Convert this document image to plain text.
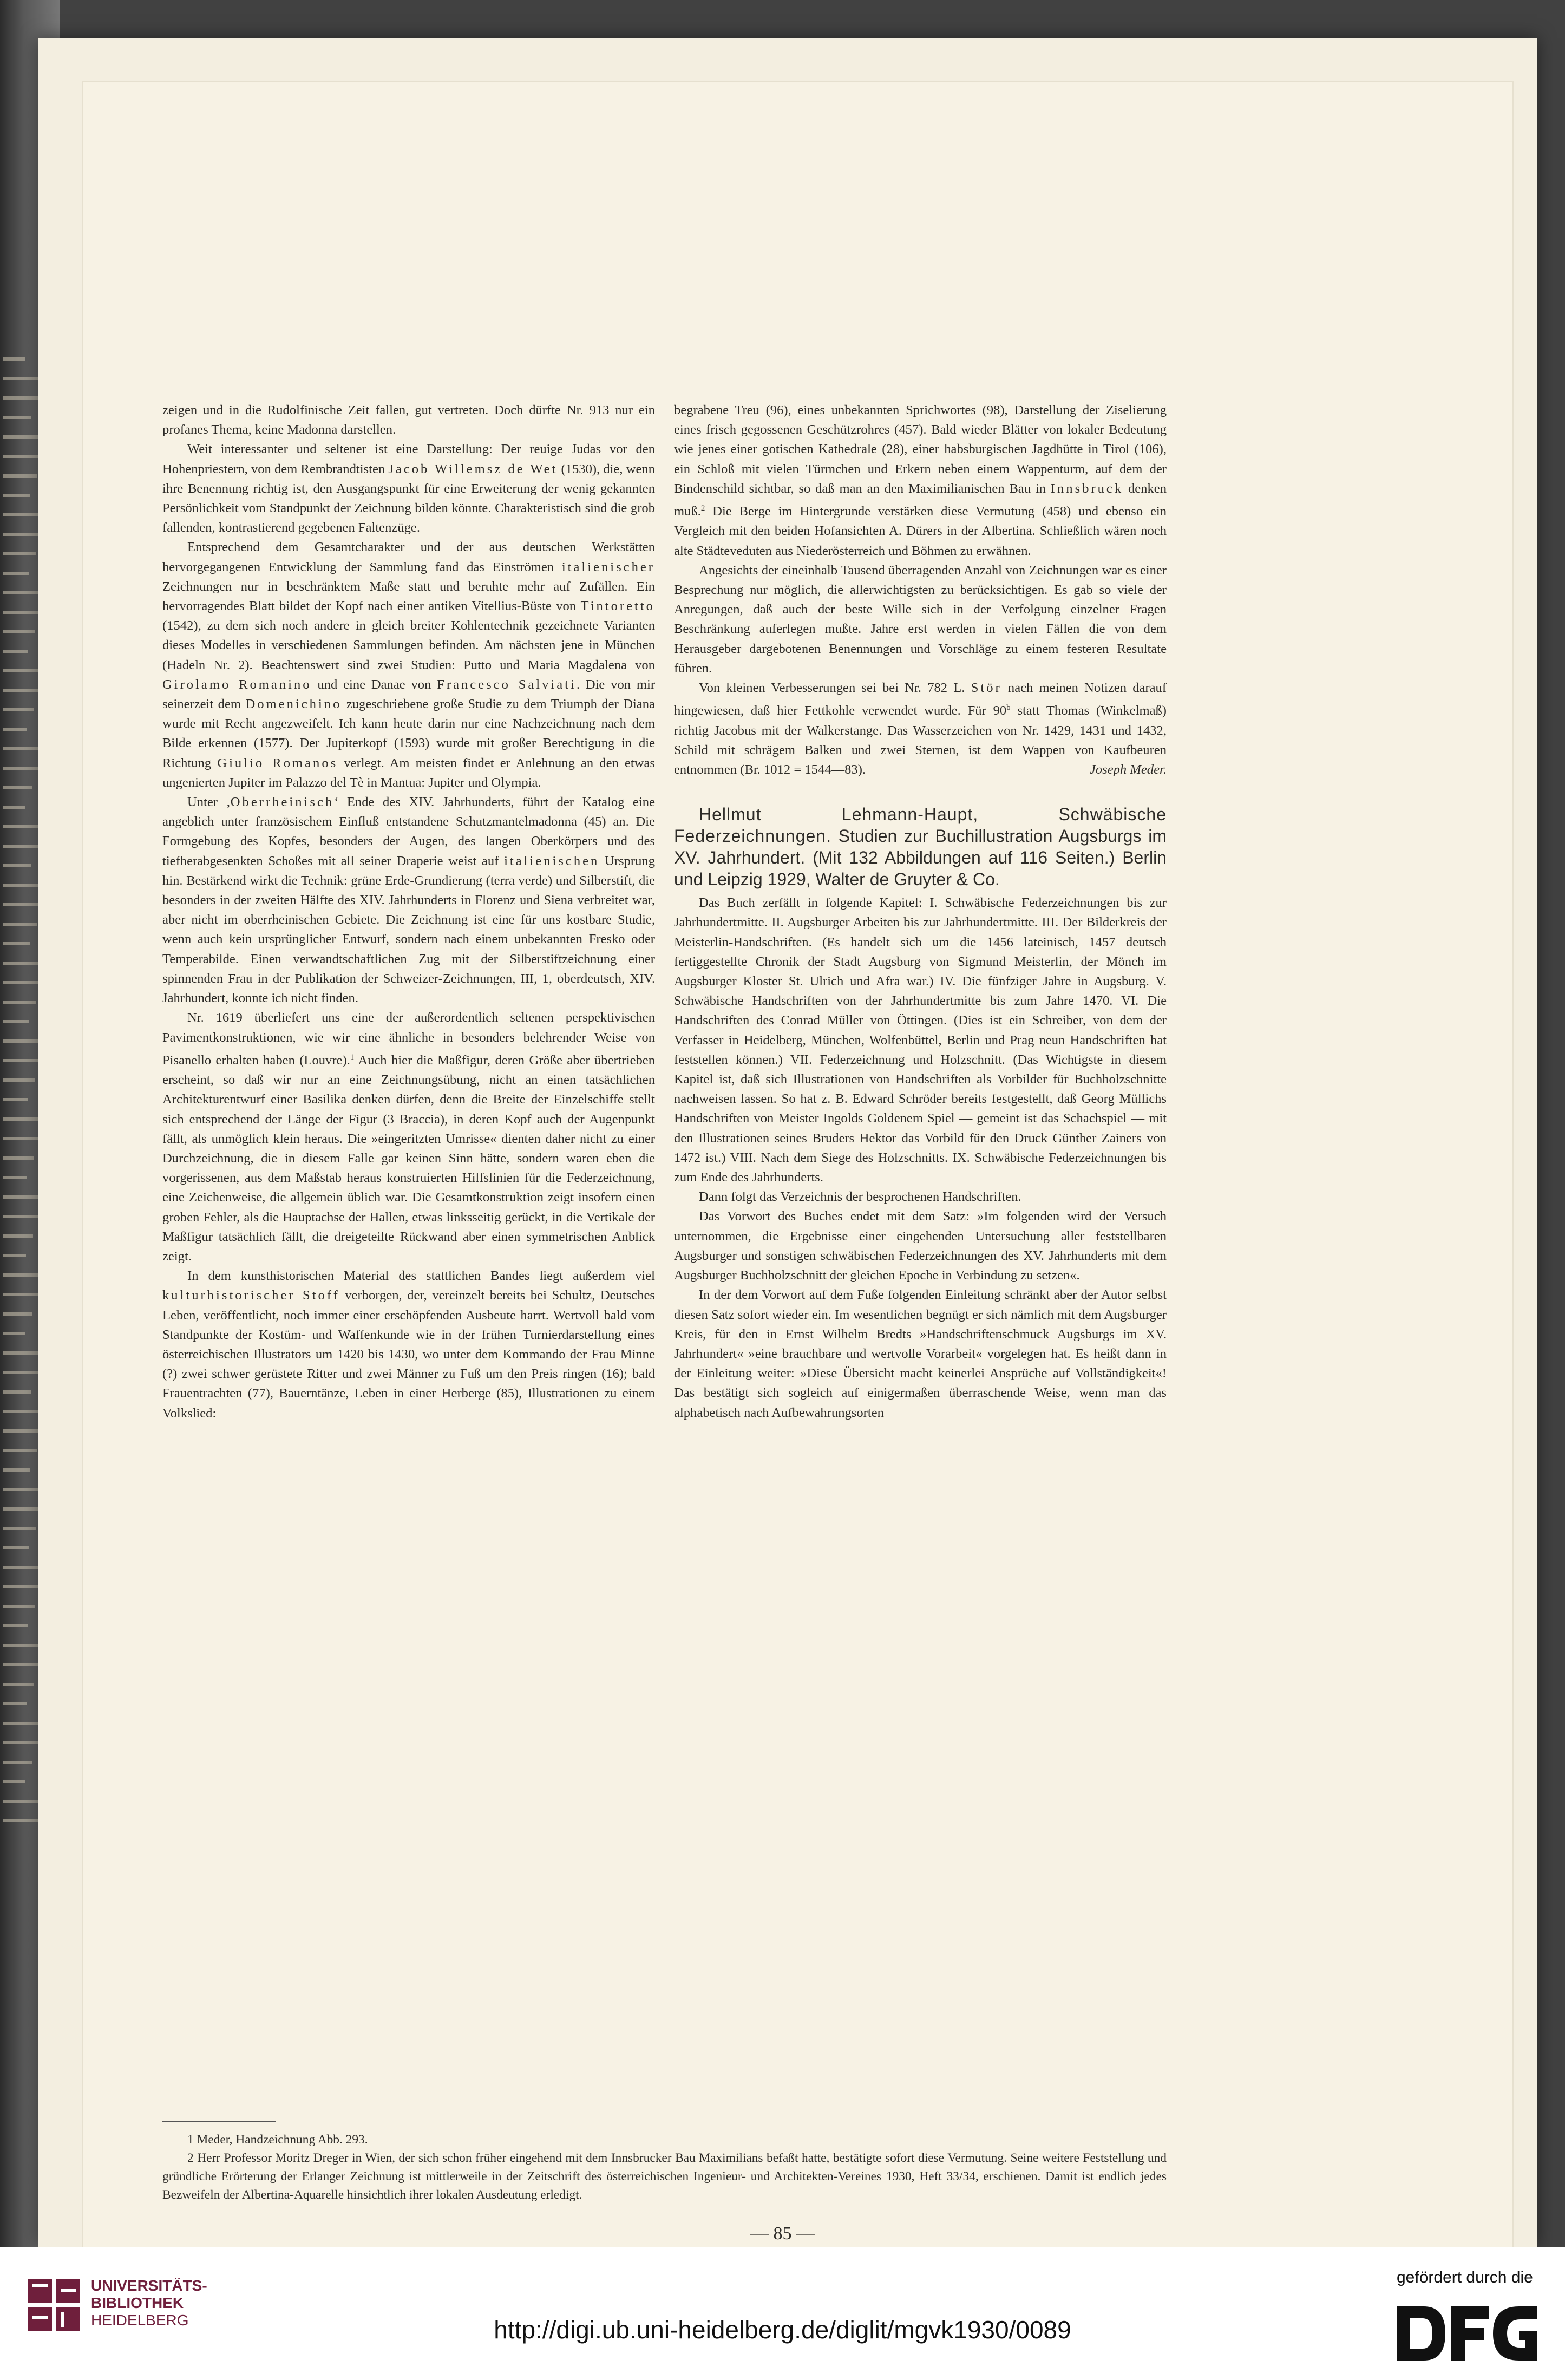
zeigen und in die Rudolfinische Zeit fallen, gut vertreten. Doch dürfte Nr. 913 nur ein profanes Thema, keine Madonna darstellen.

Weit interessanter und seltener ist eine Darstellung: Der reuige Judas vor den Hohenpriestern, von dem Rembrandtisten Jacob Willemsz de Wet (1530), die, wenn ihre Benennung richtig ist, den Ausgangspunkt für eine Erweiterung der wenig gekannten Persönlichkeit vom Standpunkt der Zeichnung bilden könnte. Charakteristisch sind die grob fallenden, kontrastierend gegebenen Faltenzüge.

Entsprechend dem Gesamtcharakter und der aus deutschen Werkstätten hervorgegangenen Entwicklung der Sammlung fand das Einströmen italienischer Zeichnungen nur in beschränktem Maße statt und beruhte mehr auf Zufällen. Ein hervorragendes Blatt bildet der Kopf nach einer antiken Vitellius-Büste von Tintoretto (1542), zu dem sich noch andere in gleich breiter Kohlentechnik gezeichnete Varianten dieses Modelles in verschiedenen Sammlungen befinden. Am nächsten jene in München (Hadeln Nr. 2). Beachtenswert sind zwei Studien: Putto und Maria Magdalena von Girolamo Romanino und eine Danae von Francesco Salviati. Die von mir seinerzeit dem Domenichino zugeschriebene große Studie zu dem Triumph der Diana wurde mit Recht angezweifelt. Ich kann heute darin nur eine Nachzeichnung nach dem Bilde erkennen (1577). Der Jupiterkopf (1593) wurde mit großer Berechtigung in die Richtung Giulio Romanos verlegt. Am meisten findet er Anlehnung an den etwas ungenierten Jupiter im Palazzo del Tè in Mantua: Jupiter und Olympia.

Unter ‚Oberrheinisch‘ Ende des XIV. Jahrhunderts, führt der Katalog eine angeblich unter französischem Einfluß entstandene Schutzmantelmadonna (45) an. Die Formgebung des Kopfes, besonders der Augen, des langen Oberkörpers und des tiefherabgesenkten Schoßes mit all seiner Draperie weist auf italienischen Ursprung hin. Bestärkend wirkt die Technik: grüne Erde-Grundierung (terra verde) und Silberstift, die besonders in der zweiten Hälfte des XIV. Jahrhunderts in Florenz und Siena verbreitet war, aber nicht im oberrheinischen Gebiete. Die Zeichnung ist eine für uns kostbare Studie, wenn auch kein ursprünglicher Entwurf, sondern nach einem unbekannten Fresko oder Temperabilde. Einen verwandtschaftlichen Zug mit der Silberstiftzeichnung einer spinnenden Frau in der Publikation der Schweizer-Zeichnungen, III, 1, oberdeutsch, XIV. Jahrhundert, konnte ich nicht finden.

Nr. 1619 überliefert uns eine der außerordentlich seltenen perspektivischen Pavimentkonstruktionen, wie wir eine ähnliche in besonders belehrender Weise von Pisanello erhalten haben (Louvre).$^1$ Auch hier die Maßfigur, deren Größe aber übertrieben erscheint, so daß wir nur an eine Zeichnungsübung, nicht an einen tatsächlichen Architekturentwurf einer Basilika denken dürfen, denn die Breite der Einzelschiffe stellt sich entsprechend der Länge der Figur (3 Braccia), in deren Kopf auch der Augenpunkt fällt, als unmöglich klein heraus. Die »eingeritzten Umrisse« dienten daher nicht zu einer Durchzeichnung, die in diesem Falle gar keinen Sinn hätte, sondern waren eben die vorgerissenen, aus dem Maßstab heraus konstruierten Hilfslinien für die Federzeichnung, eine Zeichenweise, die allgemein üblich war. Die Gesamtkonstruktion zeigt insofern einen groben Fehler, als die Hauptachse der Hallen, etwas linksseitig gerückt, in die Vertikale der Maßfigur tatsächlich fällt, die dreigeteilte Rückwand aber einen symmetrischen Anblick zeigt.

In dem kunsthistorischen Material des stattlichen Bandes liegt außerdem viel kulturhistorischer Stoff verborgen, der, vereinzelt bereits bei Schultz, Deutsches Leben, veröffentlicht, noch immer einer erschöpfenden Ausbeute harrt. Wertvoll bald vom Standpunkte der Kostüm- und Waffenkunde wie in der frühen Turnierdarstellung eines österreichischen Illustrators um 1420 bis 1430, wo unter dem Kommando der Frau Minne (?) zwei schwer gerüstete Ritter und zwei Männer zu Fuß um den Preis ringen (16); bald Frauentrachten (77), Bauerntänze, Leben in einer Herberge (85), Illustrationen zu einem Volkslied:

begrabene Treu (96), eines unbekannten Sprichwortes (98), Darstellung der Ziselierung eines frisch gegossenen Geschützrohres (457). Bald wieder Blätter von lokaler Bedeutung wie jenes einer gotischen Kathedrale (28), einer habsburgischen Jagdhütte in Tirol (106), ein Schloß mit vielen Türmchen und Erkern neben einem Wappenturm, auf dem der Bindenschild sichtbar, so daß man an den Maximilianischen Bau in Innsbruck denken muß.$^2$ Die Berge im Hintergrunde verstärken diese Vermutung (458) und ebenso ein Vergleich mit den beiden Hofansichten A. Dürers in der Albertina. Schließlich wären noch alte Städteveduten aus Niederösterreich und Böhmen zu erwähnen.

Angesichts der eineinhalb Tausend überragenden Anzahl von Zeichnungen war es einer Besprechung nur möglich, die allerwichtigsten zu berücksichtigen. Es gab so viele der Anregungen, daß auch der beste Wille sich in der Verfolgung einzelner Fragen Beschränkung auferlegen mußte. Jahre erst werden in vielen Fällen die von dem Herausgeber dargebotenen Benennungen und Vorschläge zu einem festeren Resultate führen.

Von kleinen Verbesserungen sei bei Nr. 782 L. Stör nach meinen Notizen darauf hingewiesen, daß hier Fettkohle verwendet wurde. Für 90$^b$ statt Thomas (Winkelmaß) richtig Jacobus mit der Walkerstange. Das Wasserzeichen von Nr. 1429, 1431 und 1432, Schild mit schrägem Balken und zwei Sternen, ist dem Wappen von Kaufbeuren entnommen (Br. 1012 = 1544—83).	Joseph Meder.

Hellmut Lehmann-Haupt, Schwäbische Federzeichnungen. Studien zur Buchillustration Augsburgs im XV. Jahrhundert. (Mit 132 Abbildungen auf 116 Seiten.) Berlin und Leipzig 1929, Walter de Gruyter & Co.

Das Buch zerfällt in folgende Kapitel: I. Schwäbische Federzeichnungen bis zur Jahrhundertmitte. II. Augsburger Arbeiten bis zur Jahrhundertmitte. III. Der Bilderkreis der Meisterlin-Handschriften. (Es handelt sich um die 1456 lateinisch, 1457 deutsch fertiggestellte Chronik der Stadt Augsburg von Sigmund Meisterlin, der Mönch im Augsburger Kloster St. Ulrich und Afra war.) IV. Die fünfziger Jahre in Augsburg. V. Schwäbische Handschriften von der Jahrhundertmitte bis zum Jahre 1470. VI. Die Handschriften des Conrad Müller von Öttingen. (Dies ist ein Schreiber, von dem der Verfasser in Heidelberg, München, Wolfenbüttel, Berlin und Prag neun Handschriften hat feststellen können.) VII. Federzeichnung und Holzschnitt. (Das Wichtigste in diesem Kapitel ist, daß sich Illustrationen von Handschriften als Vorbilder für Buchholzschnitte nachweisen lassen. So hat z. B. Edward Schröder bereits festgestellt, daß Georg Müllichs Handschriften von Meister Ingolds Goldenem Spiel — gemeint ist das Schachspiel — mit den Illustrationen seines Bruders Hektor das Vorbild für den Druck Günther Zainers von 1472 ist.) VIII. Nach dem Siege des Holzschnitts. IX. Schwäbische Federzeichnungen bis zum Ende des Jahrhunderts.

Dann folgt das Verzeichnis der besprochenen Handschriften.

Das Vorwort des Buches endet mit dem Satz: »Im folgenden wird der Versuch unternommen, die Ergebnisse einer eingehenden Untersuchung aller feststellbaren Augsburger und sonstigen schwäbischen Federzeichnungen des XV. Jahrhunderts mit dem Augsburger Buchholzschnitt der gleichen Epoche in Verbindung zu setzen«.

In der dem Vorwort auf dem Fuße folgenden Einleitung schränkt aber der Autor selbst diesen Satz sofort wieder ein. Im wesentlichen begnügt er sich nämlich mit dem Augsburger Kreis, für den in Ernst Wilhelm Bredts »Handschriftenschmuck Augsburgs im XV. Jahrhundert« »eine brauchbare und wertvolle Vorarbeit« vorgelegen hat. Es heißt dann in der Einleitung weiter: »Diese Übersicht macht keinerlei Ansprüche auf Vollständigkeit«! Das bestätigt sich sogleich auf einigermaßen überraschende Weise, wenn man das alphabetisch nach Aufbewahrungsorten

1 Meder, Handzeichnung Abb. 293.

2 Herr Professor Moritz Dreger in Wien, der sich schon früher eingehend mit dem Innsbrucker Bau Maximilians befaßt hatte, bestätigte sofort diese Vermutung. Seine weitere Feststellung und gründliche Erörterung der Erlanger Zeichnung ist mittlerweile in der Zeitschrift des österreichischen Ingenieur- und Architekten-Vereines 1930, Heft 33/34, erschienen. Damit ist endlich jedes Bezweifeln der Albertina-Aquarelle hinsichtlich ihrer lokalen Ausdeutung erledigt.

— 85 —
UNIVERSITÄTS-
BIBLIOTHEK
HEIDELBERG	http://digi.ub.uni-heidelberg.de/diglit/mgvk1930/0089
gefördert durch die
